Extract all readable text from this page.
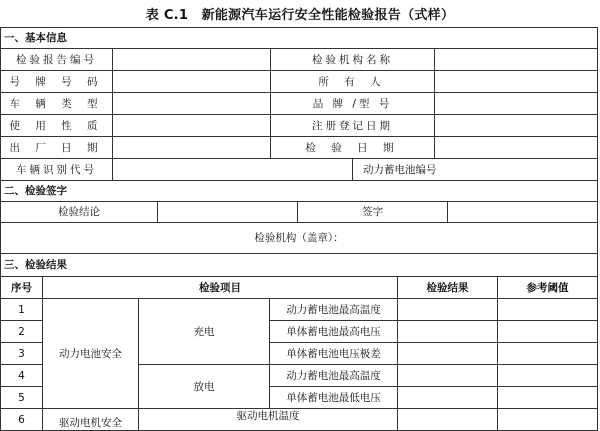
表 C.1　新能源汽车运行安全性能检验报告（式样）
一、基本信息				
检验报告编号		检验机构名称		
号 牌 号 码		所 有 人		
车 辆 类 型		品 牌 /型 号		
使 用 性 质		注册登记日期		
出 厂 日 期		检 验 日 期		
车辆识别代号			动力蓄电池编号	
二、检验签字
检验结论		签字	
检验机构（盖章）：
三、检验结果					
序号	检验项目			检验结果	参考阈值
1	动力电池安全	充电	动力蓄电池最高温度		
2			单体蓄电池最高电压		
3			单体蓄电池电压极差		
4		放电	动力蓄电池最高温度		
5			单体蓄电池最低电压		
6	驱动电机安全	驱动电机温度			
